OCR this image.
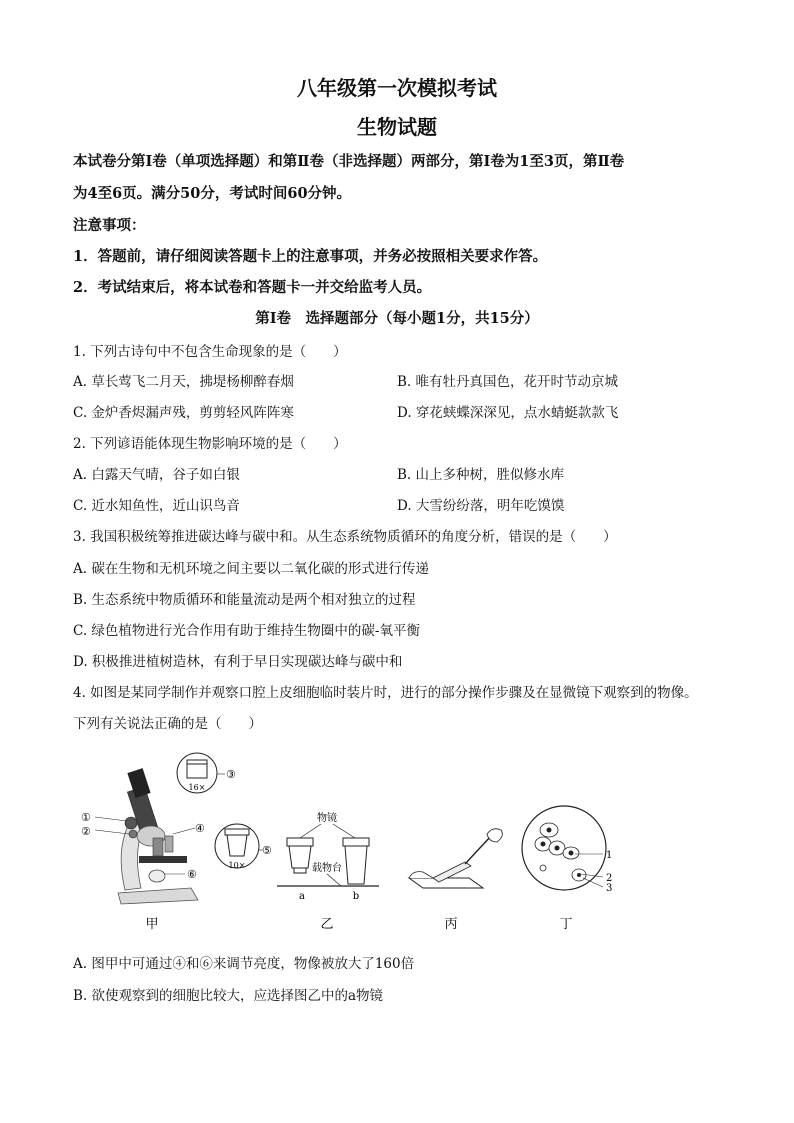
八年级第一次模拟考试
生物试题
本试卷分第Ⅰ卷（单项选择题）和第Ⅱ卷（非选择题）两部分，第Ⅰ卷为1至3页，第Ⅱ卷
为4至6页。满分50分，考试时间60分钟。
注意事项：
1．答题前，请仔细阅读答题卡上的注意事项，并务必按照相关要求作答。
2．考试结束后，将本试卷和答题卡一并交给监考人员。
第Ⅰ卷　选择题部分（每小题1分，共15分）
1. 下列古诗句中不包含生命现象的是（　　）
A. 草长莺飞二月天，拂堤杨柳醉春烟	B. 唯有牡丹真国色，花开时节动京城
C. 金炉香烬漏声残，剪剪轻风阵阵寒	D. 穿花蛱蝶深深见，点水蜻蜓款款飞
2. 下列谚语能体现生物影响环境的是（　　）
A. 白露天气晴，谷子如白银	B. 山上多种树，胜似修水库
C. 近水知鱼性，近山识鸟音	D. 大雪纷纷落，明年吃馍馍
3. 我国积极统筹推进碳达峰与碳中和。从生态系统物质循环的角度分析，错误的是（　　）
A. 碳在生物和无机环境之间主要以二氧化碳的形式进行传递
B. 生态系统中物质循环和能量流动是两个相对独立的过程
C. 绿色植物进行光合作用有助于维持生物圈中的碳-氧平衡
D. 积极推进植树造林，有利于早日实现碳达峰与碳中和
4. 如图是某同学制作并观察口腔上皮细胞临时装片时，进行的部分操作步骤及在显微镜下观察到的物像。
下列有关说法正确的是（　　）
16×
10×
①
②
③
④
⑤
⑥
物镜
载物台
a	b
1
2
3
甲	乙	丙	丁
A. 图甲中可通过④和⑥来调节亮度，物像被放大了160倍
B. 欲使观察到的细胞比较大，应选择图乙中的a物镜
